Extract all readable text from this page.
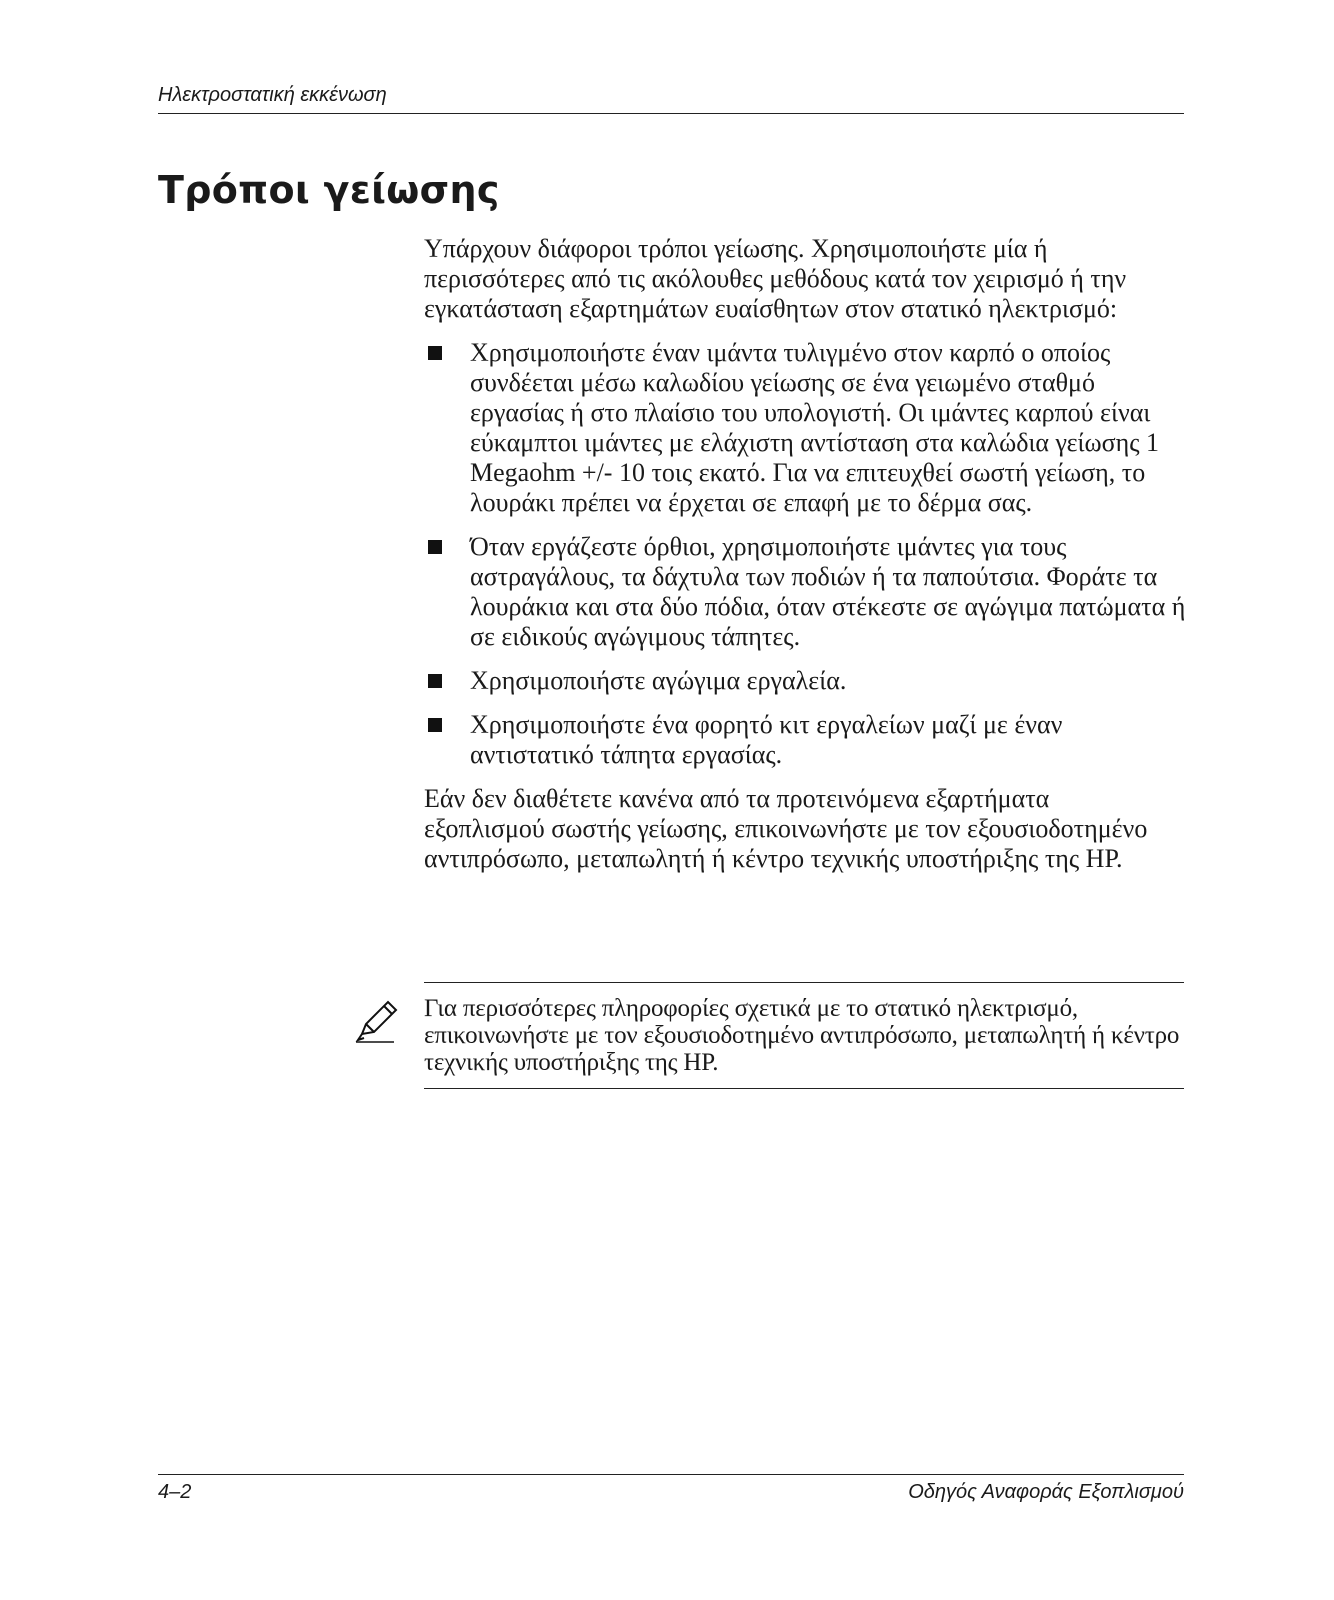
Ηλεκτροστατική εκκένωση
Τρόποι γείωσης

Υπάρχουν διάφοροι τρόποι γείωσης. Χρησιμοποιήστε μία ή περισσότερες από τις ακόλουθες μεθόδους κατά τον χειρισμό ή την εγκατάσταση εξαρτημάτων ευαίσθητων στον στατικό ηλεκτρισμό:

Χρησιμοποιήστε έναν ιμάντα τυλιγμένο στον καρπό ο οποίος συνδέεται μέσω καλωδίου γείωσης σε ένα γειωμένο σταθμό εργασίας ή στο πλαίσιο του υπολογιστή. Οι ιμάντες καρπού είναι εύκαμπτοι ιμάντες με ελάχιστη αντίσταση στα καλώδια γείωσης 1 Megaohm +/- 10 τοις εκατό. Για να επιτευχθεί σωστή γείωση, το λουράκι πρέπει να έρχεται σε επαφή με το δέρμα σας.
Όταν εργάζεστε όρθιοι, χρησιμοποιήστε ιμάντες για τους αστραγάλους, τα δάχτυλα των ποδιών ή τα παπούτσια. Φοράτε τα λουράκια και στα δύο πόδια, όταν στέκεστε σε αγώγιμα πατώματα ή σε ειδικούς αγώγιμους τάπητες.
Χρησιμοποιήστε αγώγιμα εργαλεία.
Χρησιμοποιήστε ένα φορητό κιτ εργαλείων μαζί με έναν αντιστατικό τάπητα εργασίας.

Εάν δεν διαθέτετε κανένα από τα προτεινόμενα εξαρτήματα εξοπλισμού σωστής γείωσης, επικοινωνήστε με τον εξουσιοδοτημένο αντιπρόσωπο, μεταπωλητή ή κέντρο τεχνικής υποστήριξης της HP.

Για περισσότερες πληροφορίες σχετικά με το στατικό ηλεκτρισμό, επικοινωνήστε με τον εξουσιοδοτημένο αντιπρόσωπο, μεταπωλητή ή κέντρο τεχνικής υποστήριξης της HP.
4–2	Οδηγός Αναφοράς Εξοπλισμού
